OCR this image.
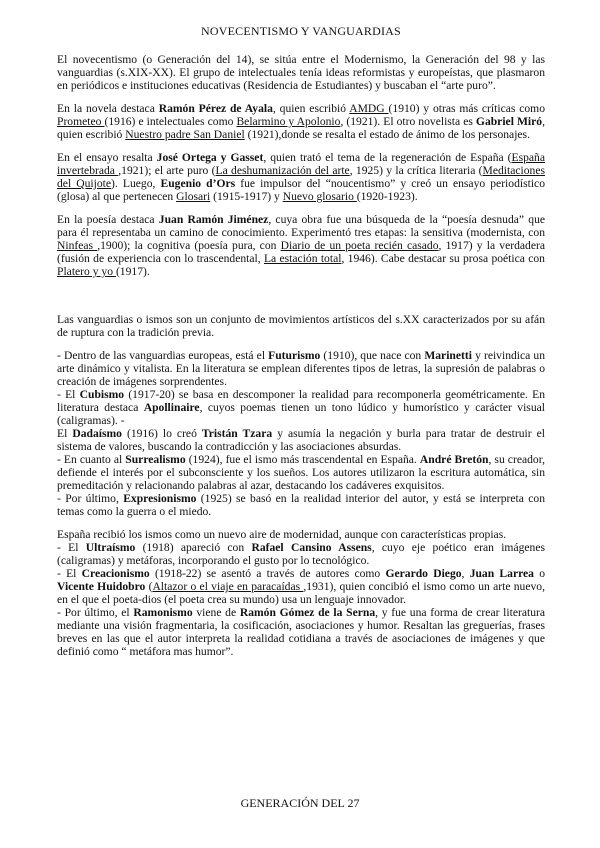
NOVECENTISMO Y VANGUARDIAS

El novecentismo (o Generación del 14), se sitúa entre el Modernismo, la Generación del 98 y las vanguardias (s.XIX-XX). El grupo de intelectuales tenía ideas reformistas y europeístas, que plasmaron en periódicos e instituciones educativas (Residencia de Estudiantes) y buscaban el “arte puro”.

En la novela destaca Ramón Pérez de Ayala, quien escribió AMDG (1910) y otras más críticas como Prometeo (1916) e intelectuales como Belarmino y Apolonio, (1921). El otro novelista es Gabriel Miró, quien escribió Nuestro padre San Daniel (1921),donde se resalta el estado de ánimo de los personajes.

En el ensayo resalta José Ortega y Gasset, quien trató el tema de la regeneración de España (España invertebrada ,1921); el arte puro (La deshumanización del arte, 1925) y la crítica literaria (Meditaciones del Quijote). Luego, Eugenio d’Ors fue impulsor del “noucentismo” y creó un ensayo periodístico (glosa) al que pertenecen Glosari (1915-1917) y Nuevo glosario (1920-1923).

En la poesía destaca Juan Ramón Jiménez, cuya obra fue una búsqueda de la “poesía desnuda” que para él representaba un camino de conocimiento. Experimentó tres etapas: la sensitiva (modernista, con Ninfeas ,1900); la cognitiva (poesía pura, con Diario de un poeta recién casado, 1917) y la verdadera (fusión de experiencia con lo trascendental, La estación total, 1946). Cabe destacar su prosa poética con Platero y yo (1917).

Las vanguardias o ismos son un conjunto de movimientos artísticos del s.XX caracterizados por su afán de ruptura con la tradición previa.

- Dentro de las vanguardias europeas, está el Futurismo (1910), que nace con Marinetti y reivindica un arte dinámico y vitalista. En la literatura se emplean diferentes tipos de letras, la supresión de palabras o creación de imágenes sorprendentes.
- El Cubismo (1917-20) se basa en descomponer la realidad para recomponerla geométricamente. En literatura destaca Apollinaire, cuyos poemas tienen un tono lúdico y humorístico y carácter visual (caligramas). -
El Dadaísmo (1916) lo creó Tristán Tzara y asumía la negación y burla para tratar de destruir el sistema de valores, buscando la contradicción y las asociaciones absurdas.
- En cuanto al Surrealismo (1924), fue el ismo más trascendental en España. André Bretón, su creador, defiende el interés por el subconsciente y los sueños. Los autores utilizaron la escritura automática, sin premeditación y relacionando palabras al azar, destacando los cadáveres exquisitos.
- Por último, Expresionismo (1925) se basó en la realidad interior del autor, y está se interpreta con temas como la guerra o el miedo.

España recibió los ismos como un nuevo aire de modernidad, aunque con características propias.
- El Ultraísmo (1918) apareció con Rafael Cansino Assens, cuyo eje poético eran imágenes (caligramas) y metáforas, incorporando el gusto por lo tecnológico.
- El Creacionismo (1918-22) se asentó a través de autores como Gerardo Diego, Juan Larrea o Vicente Huidobro (Altazor o el viaje en paracaídas ,1931), quien concibió el ismo como un arte nuevo, en el que el poeta-dios (el poeta crea su mundo) usa un lenguaje innovador.
- Por último, el Ramonismo viene de Ramón Gómez de la Serna, y fue una forma de crear literatura mediante una visión fragmentaria, la cosificación, asociaciones y humor. Resaltan las greguerías, frases breves en las que el autor interpreta la realidad cotidiana a través de asociaciones de imágenes y que definió como “ metáfora mas humor”.

GENERACIÓN DEL 27
